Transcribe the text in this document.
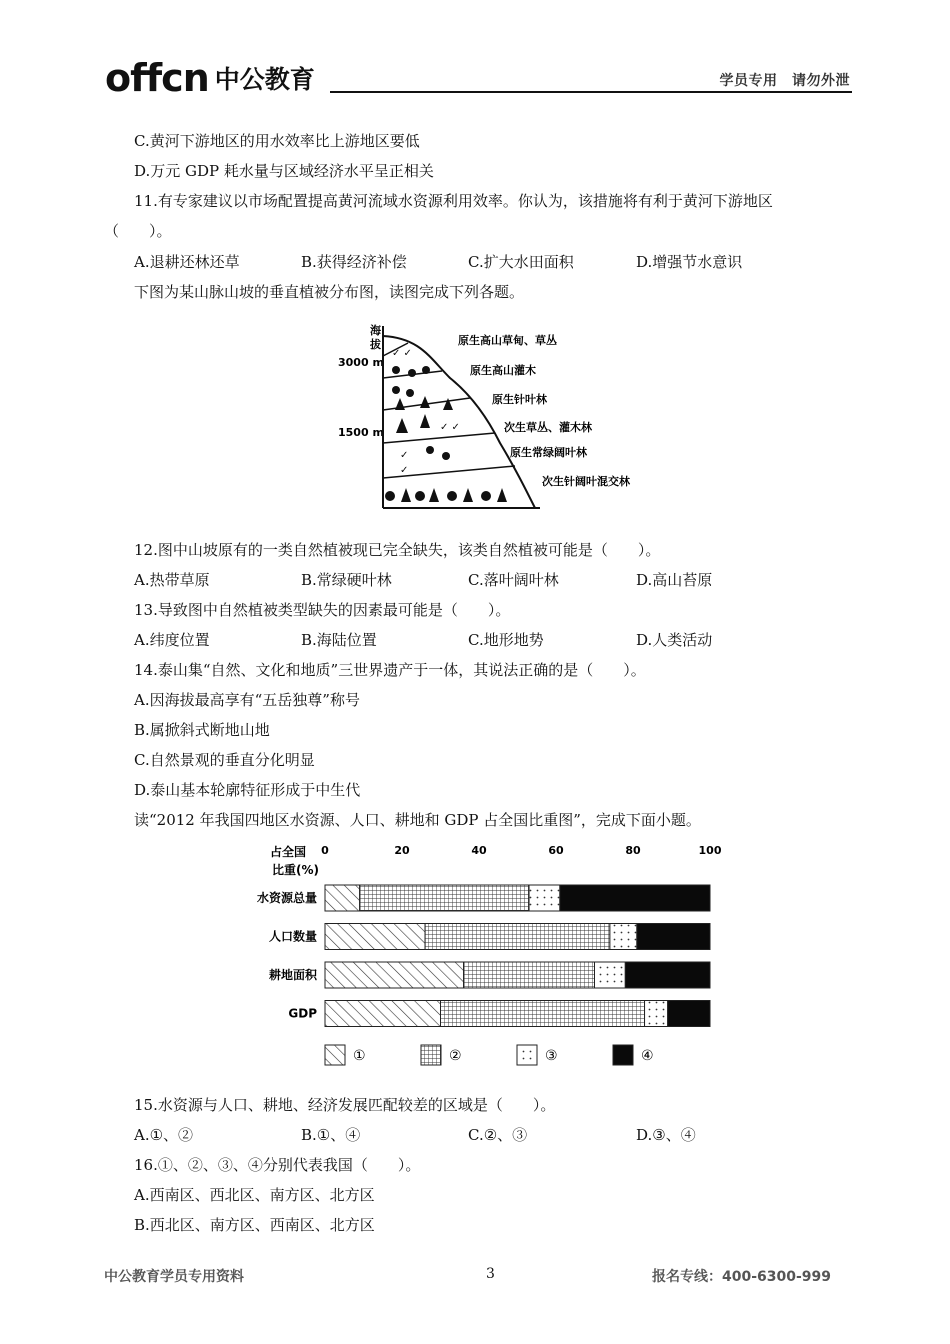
offcn 中公教育	学员专用　请勿外泄
C.黄河下游地区的用水效率比上游地区要低
D.万元 GDP 耗水量与区域经济水平呈正相关
11.有专家建议以市场配置提高黄河流域水资源利用效率。你认为，该措施将有利于黄河下游地区
（　　）。
A.退耕还林还草	B.获得经济补偿	C.扩大水田面积	D.增强节水意识
下图为某山脉山坡的垂直植被分布图，读图完成下列各题。
海
拔
3000 m
1500 m
✓ ✓
✓ ✓
✓
✓
原生高山草甸、草丛
原生高山灌木
原生针叶林
次生草丛、灌木林
原生常绿阔叶林
次生针阔叶混交林
12.图中山坡原有的一类自然植被现已完全缺失，该类自然植被可能是（　　）。
A.热带草原	B.常绿硬叶林	C.落叶阔叶林	D.高山苔原
13.导致图中自然植被类型缺失的因素最可能是（　　）。
A.纬度位置	B.海陆位置	C.地形地势	D.人类活动
14.泰山集“自然、文化和地质”三世界遗产于一体，其说法正确的是（　　）。
A.因海拔最高享有“五岳独尊”称号
B.属掀斜式断地山地
C.自然景观的垂直分化明显
D.泰山基本轮廓特征形成于中生代
读“2012 年我国四地区水资源、人口、耕地和 GDP 占全国比重图”，完成下面小题。
占全国
比重(%)
0	20	40	60	80	100
水资源总量
人口数量
耕地面积
GDP
①	②	③	④
15.水资源与人口、耕地、经济发展匹配较差的区域是（　　）。
A.①、②	B.①、④	C.②、③	D.③、④
16.①、②、③、④分别代表我国（　　）。
A.西南区、西北区、南方区、北方区
B.西北区、南方区、西南区、北方区
中公教育学员专用资料	3	报名专线：400-6300-999
